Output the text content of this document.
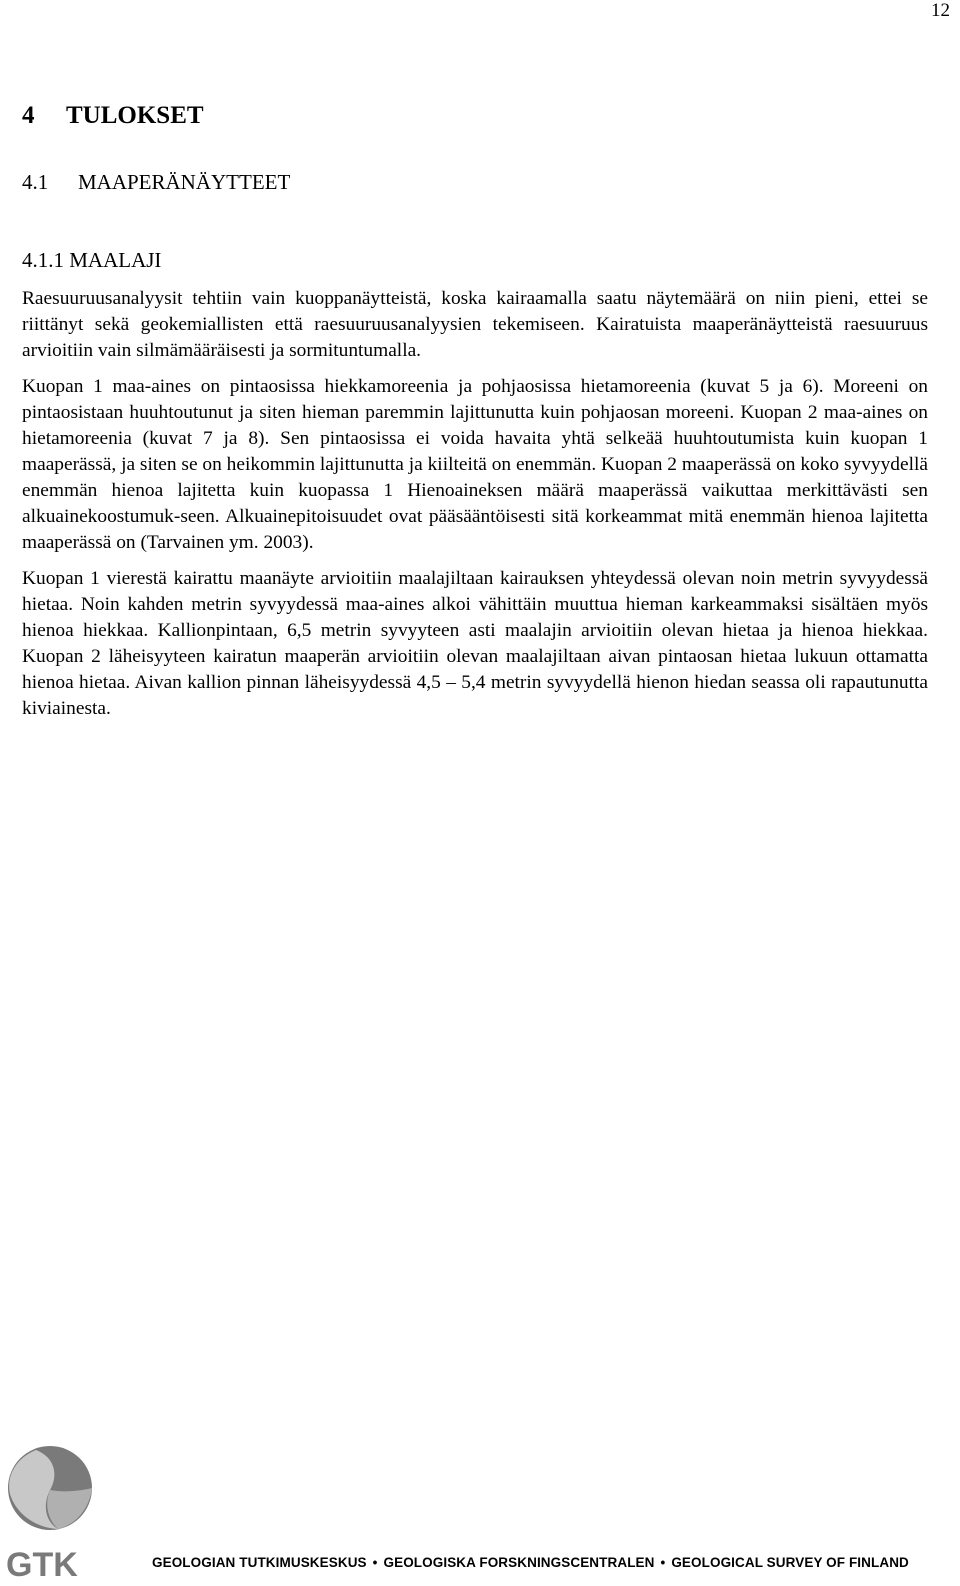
12
4 TULOKSET
4.1 MAAPERÄNÄYTTEET
4.1.1 MAALAJI

Raesuuruusanalyysit tehtiin vain kuoppanäytteistä, koska kairaamalla saatu näytemäärä on niin pieni, ettei se riittänyt sekä geokemiallisten että raesuuruusanalyysien tekemiseen. Kairatuista maaperänäytteistä raesuuruus arvioitiin vain silmämääräisesti ja sormituntumalla.

Kuopan 1 maa-aines on pintaosissa hiekkamoreenia ja pohjaosissa hietamoreenia (kuvat 5 ja 6). Moreeni on pintaosistaan huuhtoutunut ja siten hieman paremmin lajittunutta kuin pohjaosan moreeni. Kuopan 2 maa-aines on hietamoreenia (kuvat 7 ja 8). Sen pintaosissa ei voida havaita yhtä selkeää huuhtoutumista kuin kuopan 1 maaperässä, ja siten se on heikommin lajittunutta ja kiilteitä on enemmän. Kuopan 2 maaperässä on koko syvyydellä enemmän hienoa lajitetta kuin kuopassa 1 Hienoaineksen määrä maaperässä vaikuttaa merkittävästi sen alkuainekoostumuk-seen. Alkuainepitoisuudet ovat pääsääntöisesti sitä korkeammat mitä enemmän hienoa lajitetta maaperässä on (Tarvainen ym. 2003).

Kuopan 1 vierestä kairattu maanäyte arvioitiin maalajiltaan kairauksen yhteydessä olevan noin metrin syvyydessä hietaa. Noin kahden metrin syvyydessä maa-aines alkoi vähittäin muuttua hieman karkeammaksi sisältäen myös hienoa hiekkaa. Kallionpintaan, 6,5 metrin syvyyteen asti maalajin arvioitiin olevan hietaa ja hienoa hiekkaa. Kuopan 2 läheisyyteen kairatun maaperän arvioitiin olevan maalajiltaan aivan pintaosan hietaa lukuun ottamatta hienoa hietaa. Aivan kallion pinnan läheisyydessä 4,5 – 5,4 metrin syvyydellä hienon hiedan seassa oli rapautunutta kiviainesta.

GTK	GEOLOGIAN TUTKIMUSKESKUS • GEOLOGISKA FORSKNINGSCENTRALEN • GEOLOGICAL SURVEY OF FINLAND
